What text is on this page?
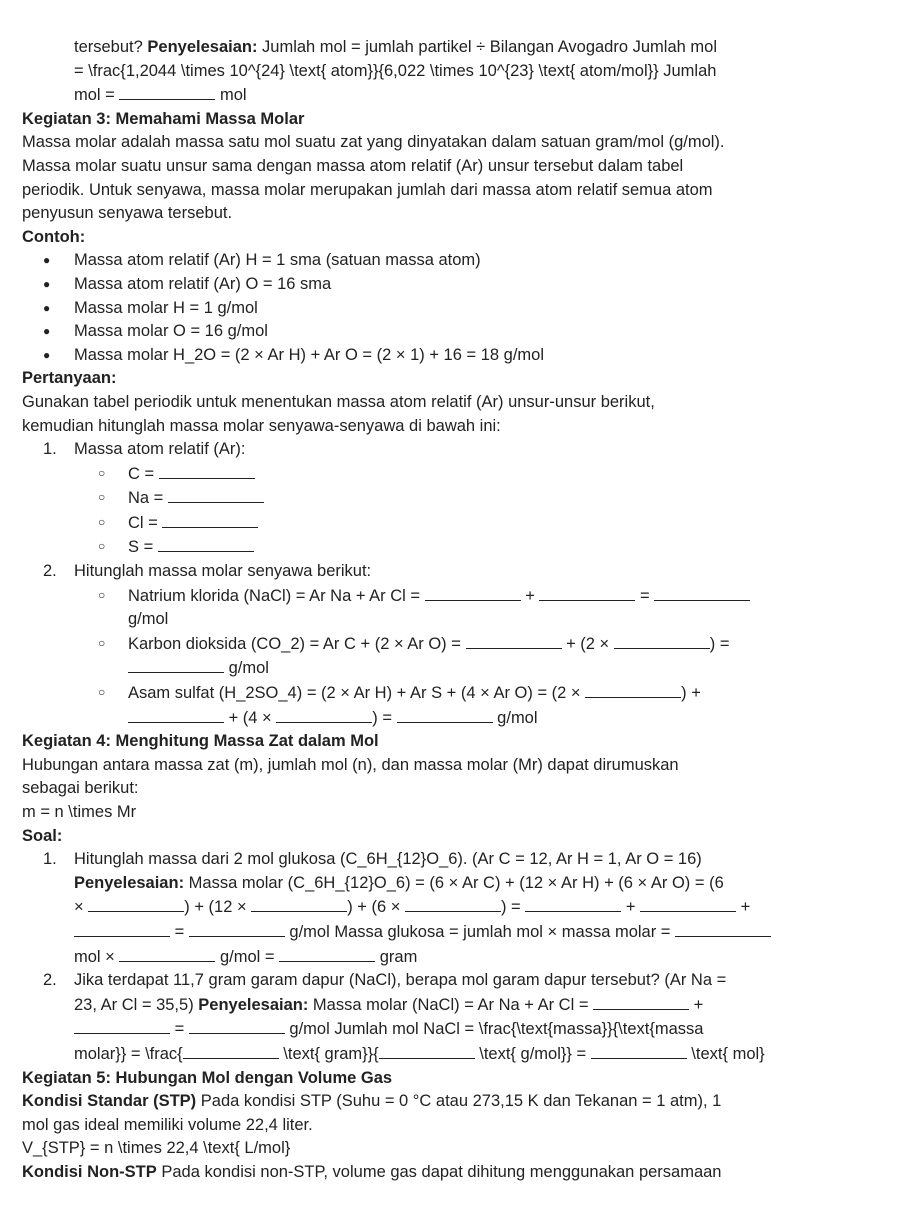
tersebut? Penyelesaian: Jumlah mol = jumlah partikel ÷ Bilangan Avogadro Jumlah mol
= \frac{1,2044 \times 10^{24} \text{ atom}}{6,022 \times 10^{23} \text{ atom/mol}} Jumlah
mol =	mol
Kegiatan 3: Memahami Massa Molar
Massa molar adalah massa satu mol suatu zat yang dinyatakan dalam satuan gram/mol (g/mol).
Massa molar suatu unsur sama dengan massa atom relatif (Ar) unsur tersebut dalam tabel
periodik. Untuk senyawa, massa molar merupakan jumlah dari massa atom relatif semua atom
penyusun senyawa tersebut.
Contoh:
● Massa atom relatif (Ar) H = 1 sma (satuan massa atom)
● Massa atom relatif (Ar) O = 16 sma
● Massa molar H = 1 g/mol
● Massa molar O = 16 g/mol
● Massa molar H_2O = (2 × Ar H) + Ar O = (2 × 1) + 16 = 18 g/mol
Pertanyaan:
Gunakan tabel periodik untuk menentukan massa atom relatif (Ar) unsur-unsur berikut,
kemudian hitunglah massa molar senyawa-senyawa di bawah ini:
1. Massa atom relatif (Ar):
○ C =
○ Na =
○ Cl =
○ S =
2. Hitunglah massa molar senyawa berikut:
○ Natrium klorida (NaCl) = Ar Na + Ar Cl =	+	=
g/mol
○ Karbon dioksida (CO_2) = Ar C + (2 × Ar O) =	+ (2 ×	) =
g/mol
○ Asam sulfat (H_2SO_4) = (2 × Ar H) + Ar S + (4 × Ar O) = (2 ×	) +
+ (4 ×	) =	g/mol
Kegiatan 4: Menghitung Massa Zat dalam Mol
Hubungan antara massa zat (m), jumlah mol (n), dan massa molar (Mr) dapat dirumuskan
sebagai berikut:
m = n \times Mr
Soal:
1. Hitunglah massa dari 2 mol glukosa (C_6H_{12}O_6). (Ar C = 12, Ar H = 1, Ar O = 16)
Penyelesaian: Massa molar (C_6H_{12}O_6) = (6 × Ar C) + (12 × Ar H) + (6 × Ar O) = (6
×	) + (12 ×	) + (6 ×	) =	+	+
=	g/mol Massa glukosa = jumlah mol × massa molar =
mol ×	g/mol =	gram
2. Jika terdapat 11,7 gram garam dapur (NaCl), berapa mol garam dapur tersebut? (Ar Na =
23, Ar Cl = 35,5) Penyelesaian: Massa molar (NaCl) = Ar Na + Ar Cl =	+
=	g/mol Jumlah mol NaCl = \frac{\text{massa}}{\text{massa
molar}} = \frac{	\text{ gram}}{	\text{ g/mol}} =	\text{ mol}
Kegiatan 5: Hubungan Mol dengan Volume Gas
Kondisi Standar (STP) Pada kondisi STP (Suhu = 0 °C atau 273,15 K dan Tekanan = 1 atm), 1
mol gas ideal memiliki volume 22,4 liter.
V_{STP} = n \times 22,4 \text{ L/mol}
Kondisi Non-STP Pada kondisi non-STP, volume gas dapat dihitung menggunakan persamaan
